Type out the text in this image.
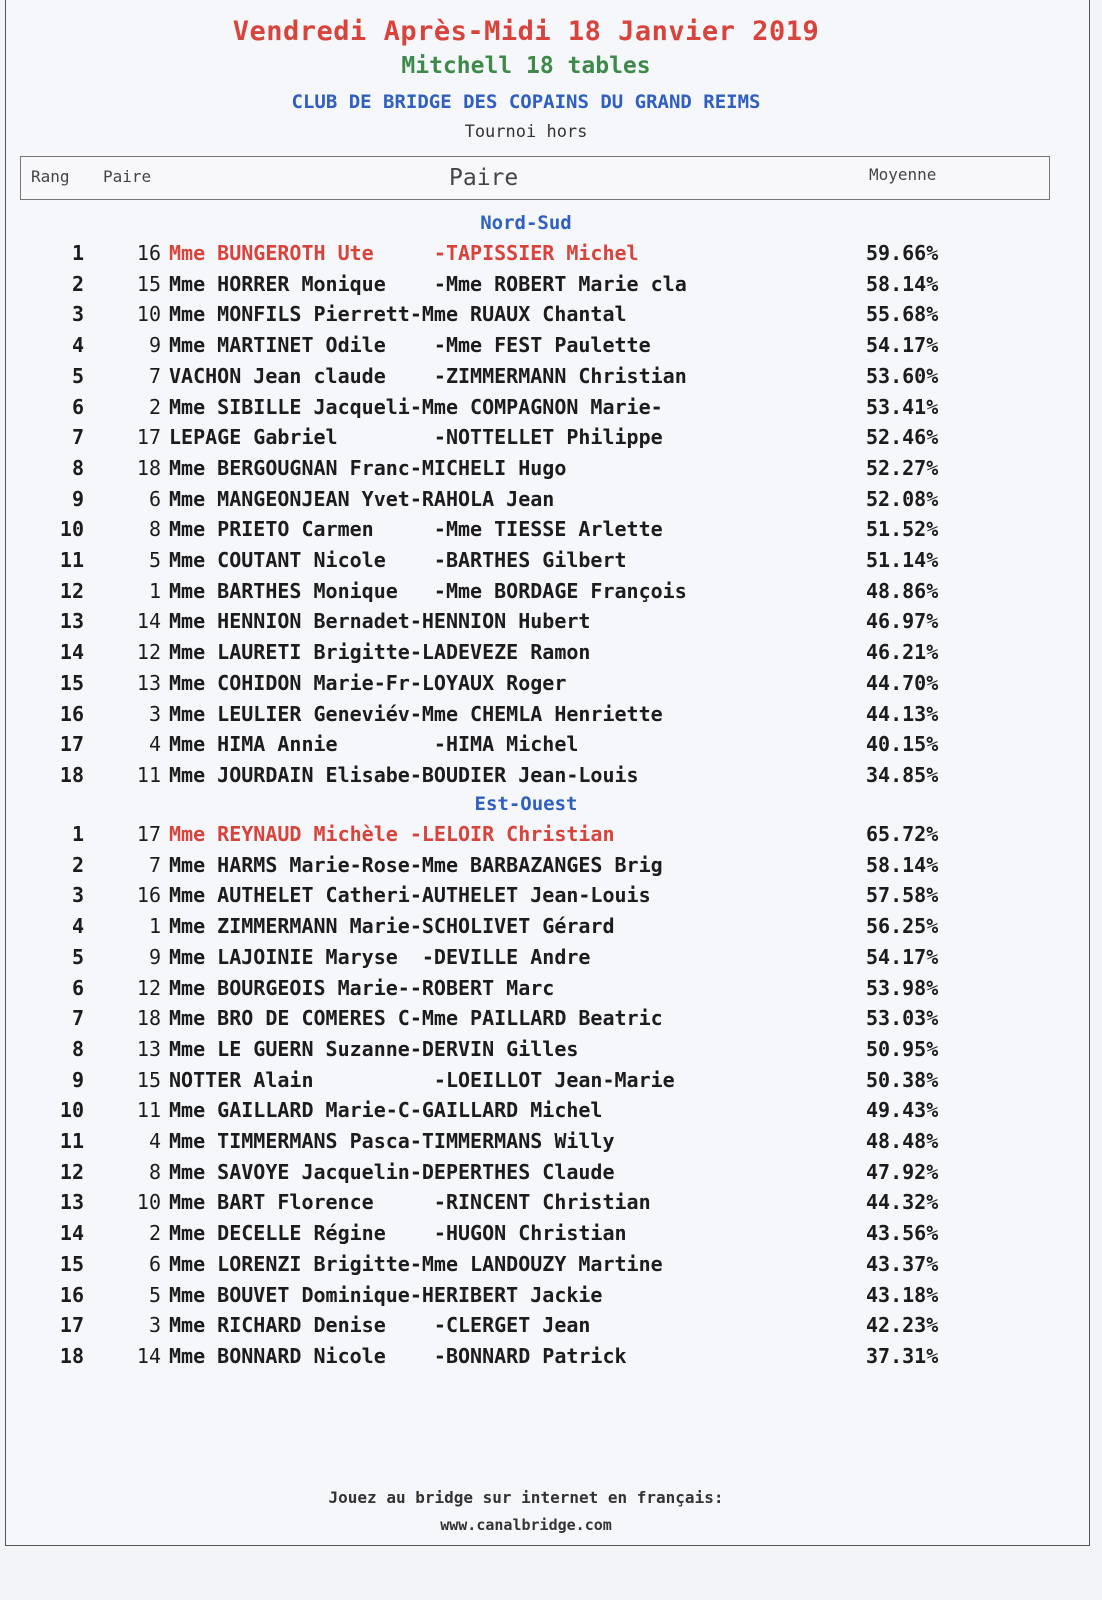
Vendredi Après-Midi 18 Janvier 2019
Mitchell 18 tables
CLUB DE BRIDGE DES COPAINS DU GRAND REIMS
Tournoi hors
Rang Paire	Paire	Moyenne
Nord-Sud
1	16 Mme BUNGEROTH Ute     -TAPISSIER Michel	59.66%
2	15 Mme HORRER Monique    -Mme ROBERT Marie cla	58.14%
3	10 Mme MONFILS Pierrett-Mme RUAUX Chantal	55.68%
4	9 Mme MARTINET Odile    -Mme FEST Paulette	54.17%
5	7 VACHON Jean claude    -ZIMMERMANN Christian	53.60%
6	2 Mme SIBILLE Jacqueli-Mme COMPAGNON Marie-	53.41%
7	17 LEPAGE Gabriel        -NOTTELLET Philippe	52.46%
8	18 Mme BERGOUGNAN Franc-MICHELI Hugo	52.27%
9	6 Mme MANGEONJEAN Yvet-RAHOLA Jean	52.08%
10	8 Mme PRIETO Carmen     -Mme TIESSE Arlette	51.52%
11	5 Mme COUTANT Nicole    -BARTHES Gilbert	51.14%
12	1 Mme BARTHES Monique   -Mme BORDAGE François	48.86%
13	14 Mme HENNION Bernadet-HENNION Hubert	46.97%
14	12 Mme LAURETI Brigitte-LADEVEZE Ramon	46.21%
15	13 Mme COHIDON Marie-Fr-LOYAUX Roger	44.70%
16	3 Mme LEULIER Geneviév-Mme CHEMLA Henriette	44.13%
17	4 Mme HIMA Annie        -HIMA Michel	40.15%
18	11 Mme JOURDAIN Elisabe-BOUDIER Jean-Louis	34.85%
Est-Ouest
1	17 Mme REYNAUD Michèle -LELOIR Christian	65.72%
2	7 Mme HARMS Marie-Rose-Mme BARBAZANGES Brig	58.14%
3	16 Mme AUTHELET Catheri-AUTHELET Jean-Louis	57.58%
4	1 Mme ZIMMERMANN Marie-SCHOLIVET Gérard	56.25%
5	9 Mme LAJOINIE Maryse  -DEVILLE Andre	54.17%
6	12 Mme BOURGEOIS Marie--ROBERT Marc	53.98%
7	18 Mme BRO DE COMERES C-Mme PAILLARD Beatric	53.03%
8	13 Mme LE GUERN Suzanne-DERVIN Gilles	50.95%
9	15 NOTTER Alain          -LOEILLOT Jean-Marie	50.38%
10	11 Mme GAILLARD Marie-C-GAILLARD Michel	49.43%
11	4 Mme TIMMERMANS Pasca-TIMMERMANS Willy	48.48%
12	8 Mme SAVOYE Jacquelin-DEPERTHES Claude	47.92%
13	10 Mme BART Florence     -RINCENT Christian	44.32%
14	2 Mme DECELLE Régine    -HUGON Christian	43.56%
15	6 Mme LORENZI Brigitte-Mme LANDOUZY Martine	43.37%
16	5 Mme BOUVET Dominique-HERIBERT Jackie	43.18%
17	3 Mme RICHARD Denise    -CLERGET Jean	42.23%
18	14 Mme BONNARD Nicole    -BONNARD Patrick	37.31%
Jouez au bridge sur internet en français:
www.canalbridge.com
